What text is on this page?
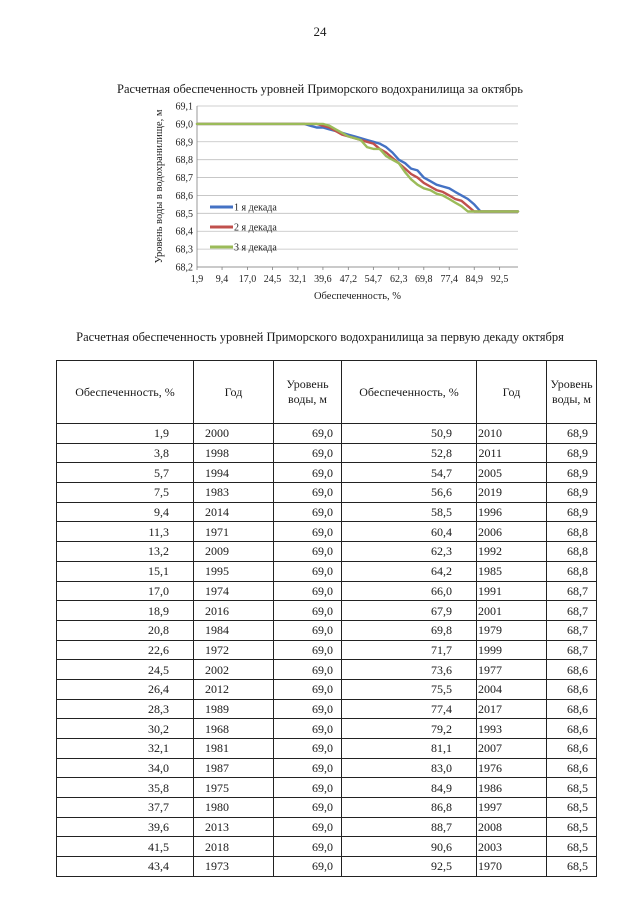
24
Расчетная обеспеченность уровней Приморского водохранилища за октябрь
68,2
68,3
68,4
68,5
68,6
68,7
68,8
68,9
69,0
69,1
1,9 9,4 17,0 24,5 32,1 39,6 47,2 54,7 62,3 69,8 77,4 84,9 92,5
Обеспеченность, %
Уровень воды в водохранилище, м	1 я декада
2 я декада
3 я декада
Расчетная обеспеченность уровней Приморского водохранилища за первую декаду октября
Обеспеченность, %	Год	Уровень воды, м	Обеспеченность, %	Год	Уровень воды, м
1,9	2000	69,0	50,9	2010	68,9
3,8	1998	69,0	52,8	2011	68,9
5,7	1994	69,0	54,7	2005	68,9
7,5	1983	69,0	56,6	2019	68,9
9,4	2014	69,0	58,5	1996	68,9
11,3	1971	69,0	60,4	2006	68,8
13,2	2009	69,0	62,3	1992	68,8
15,1	1995	69,0	64,2	1985	68,8
17,0	1974	69,0	66,0	1991	68,7
18,9	2016	69,0	67,9	2001	68,7
20,8	1984	69,0	69,8	1979	68,7
22,6	1972	69,0	71,7	1999	68,7
24,5	2002	69,0	73,6	1977	68,6
26,4	2012	69,0	75,5	2004	68,6
28,3	1989	69,0	77,4	2017	68,6
30,2	1968	69,0	79,2	1993	68,6
32,1	1981	69,0	81,1	2007	68,6
34,0	1987	69,0	83,0	1976	68,6
35,8	1975	69,0	84,9	1986	68,5
37,7	1980	69,0	86,8	1997	68,5
39,6	2013	69,0	88,7	2008	68,5
41,5	2018	69,0	90,6	2003	68,5
43,4	1973	69,0	92,5	1970	68,5
